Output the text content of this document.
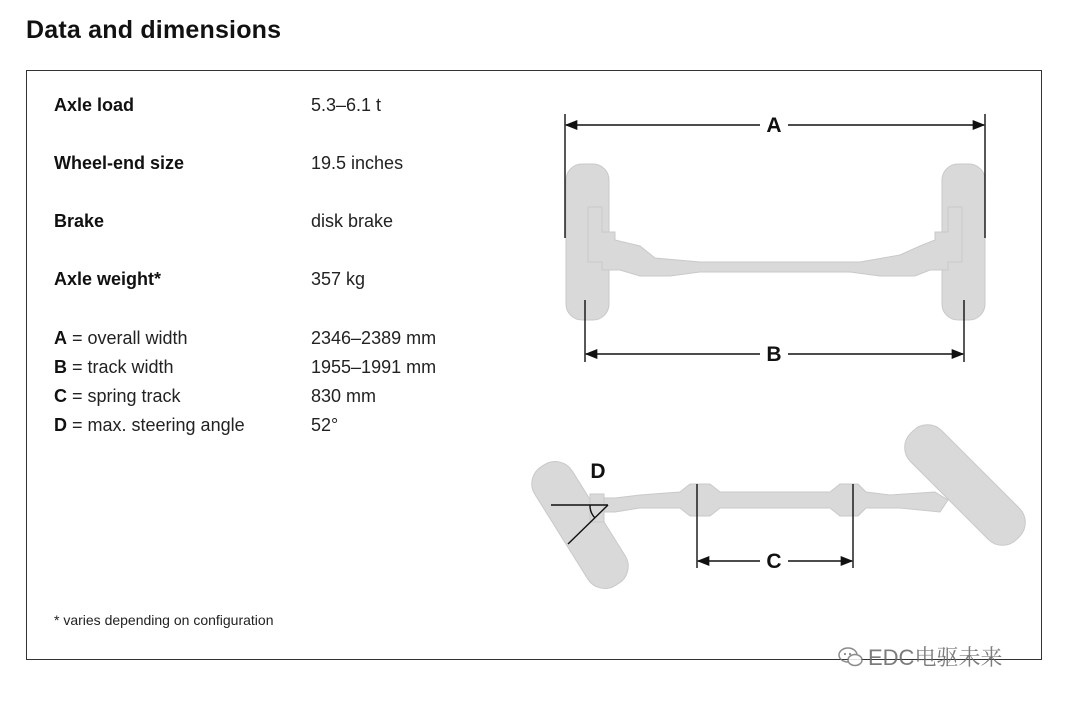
Data and dimensions
Axle load	5.3–6.1 t
Wheel-end size	19.5 inches
Brake	disk brake
Axle weight*	357 kg
A = overall width	2346–2389 mm
B = track width	1955–1991 mm
C = spring track	830 mm
D = max. steering angle	52°
* varies depending on configuration
A
B
D
C
EDC电驱未来
